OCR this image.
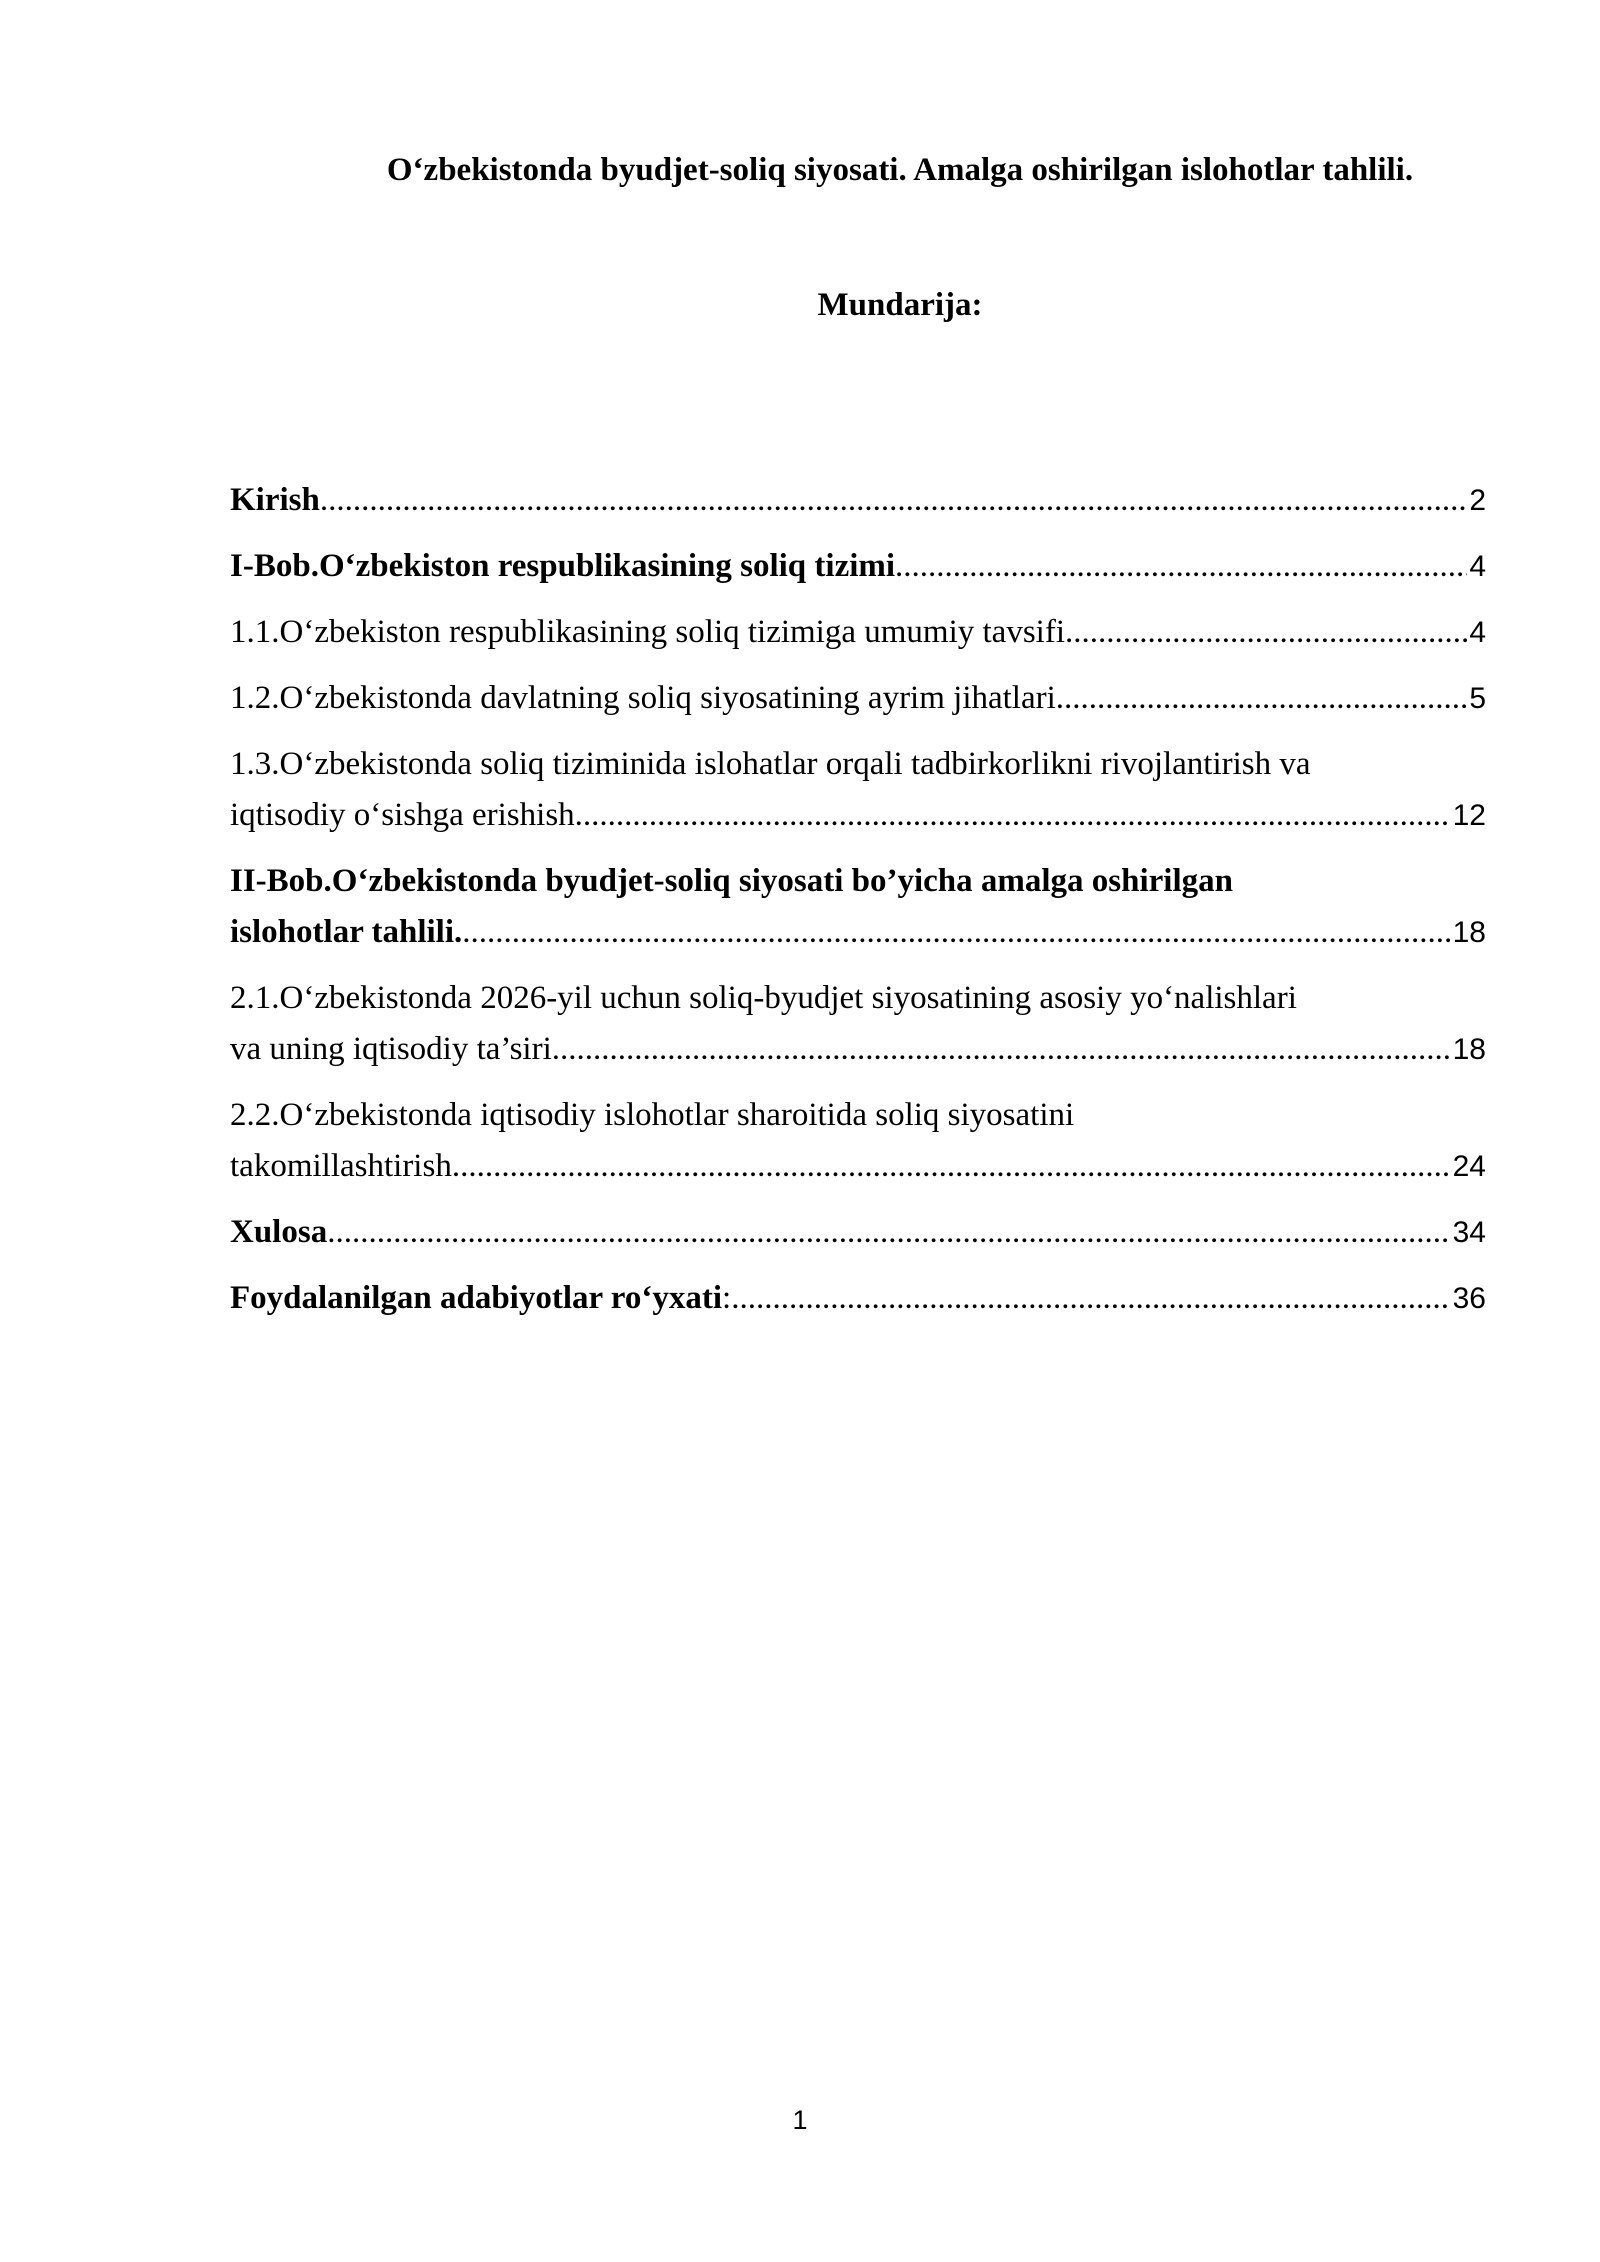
O‘zbekistonda byudjet-soliq siyosati. Amalga oshirilgan islohotlar tahlili.
Mundarija:
Kirish .....	2
I-Bob.O‘zbekiston respublikasining soliq tizimi .....	4
1.1.O‘zbekiston respublikasining soliq tizimiga umumiy tavsifi .....	4
1.2.O‘zbekistonda davlatning soliq siyosatining ayrim jihatlari .....	5
1.3.O‘zbekistonda soliq tiziminida islohatlar orqali tadbirkorlikni rivojlantirish va
iqtisodiy o‘sishga erishish .....	12
II-Bob.O‘zbekistonda byudjet-soliq siyosati bo’yicha amalga oshirilgan
islohotlar tahlili. .....	18
2.1.O‘zbekistonda 2026-yil uchun soliq-byudjet siyosatining asosiy yo‘nalishlari
va uning iqtisodiy ta’siri .....	18
2.2.O‘zbekistonda iqtisodiy islohotlar sharoitida soliq siyosatini
takomillashtirish .....	24
Xulosa .....	34
Foydalanilgan adabiyotlar ro‘yxati : .....	36
1
